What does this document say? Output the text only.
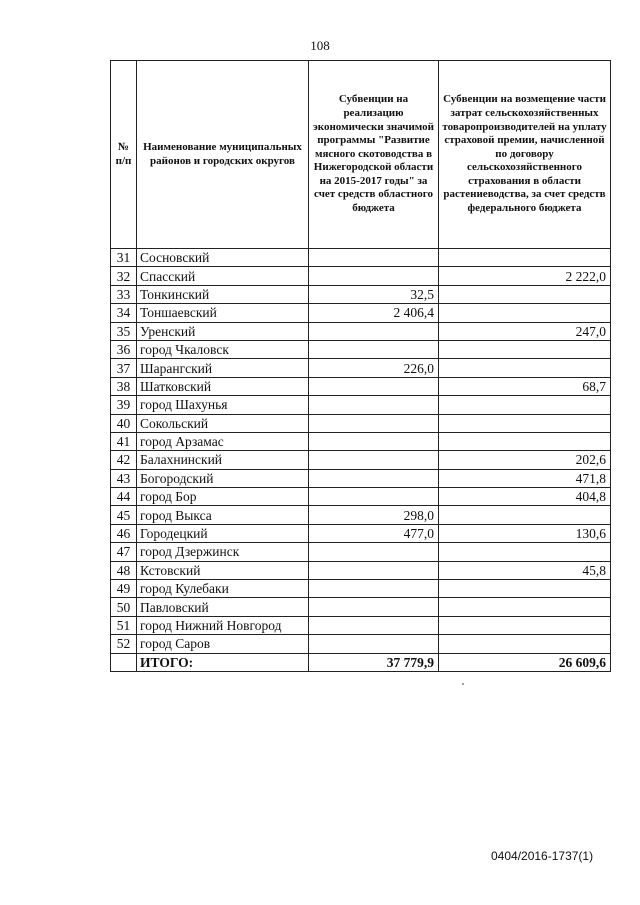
108
№ п/п	Наименование муниципальных районов и городских округов	Субвенции на реализацию экономически значимой программы "Развитие мясного скотоводства в Нижегородской области на 2015-2017 годы" за счет средств областного бюджета	Субвенции на возмещение части затрат сельскохозяйственных товаропроизводителей на уплату страховой премии, начисленной по договору сельскохозяйственного страхования в области растениеводства, за счет средств федерального бюджета
31	Сосновский		
32	Спасский		2 222,0
33	Тонкинский	32,5	
34	Тоншаевский	2 406,4	
35	Уренский		247,0
36	город Чкаловск		
37	Шарангский	226,0	
38	Шатковский		68,7
39	город Шахунья		
40	Сокольский		
41	город Арзамас		
42	Балахнинский		202,6
43	Богородский		471,8
44	город Бор		404,8
45	город Выкса	298,0	
46	Городецкий	477,0	130,6
47	город Дзержинск		
48	Кстовский		45,8
49	город Кулебаки		
50	Павловский		
51	город Нижний Новгород		
52	город Саров		
	ИТОГО:	37 779,9	26 609,6
0404/2016-1737(1)
